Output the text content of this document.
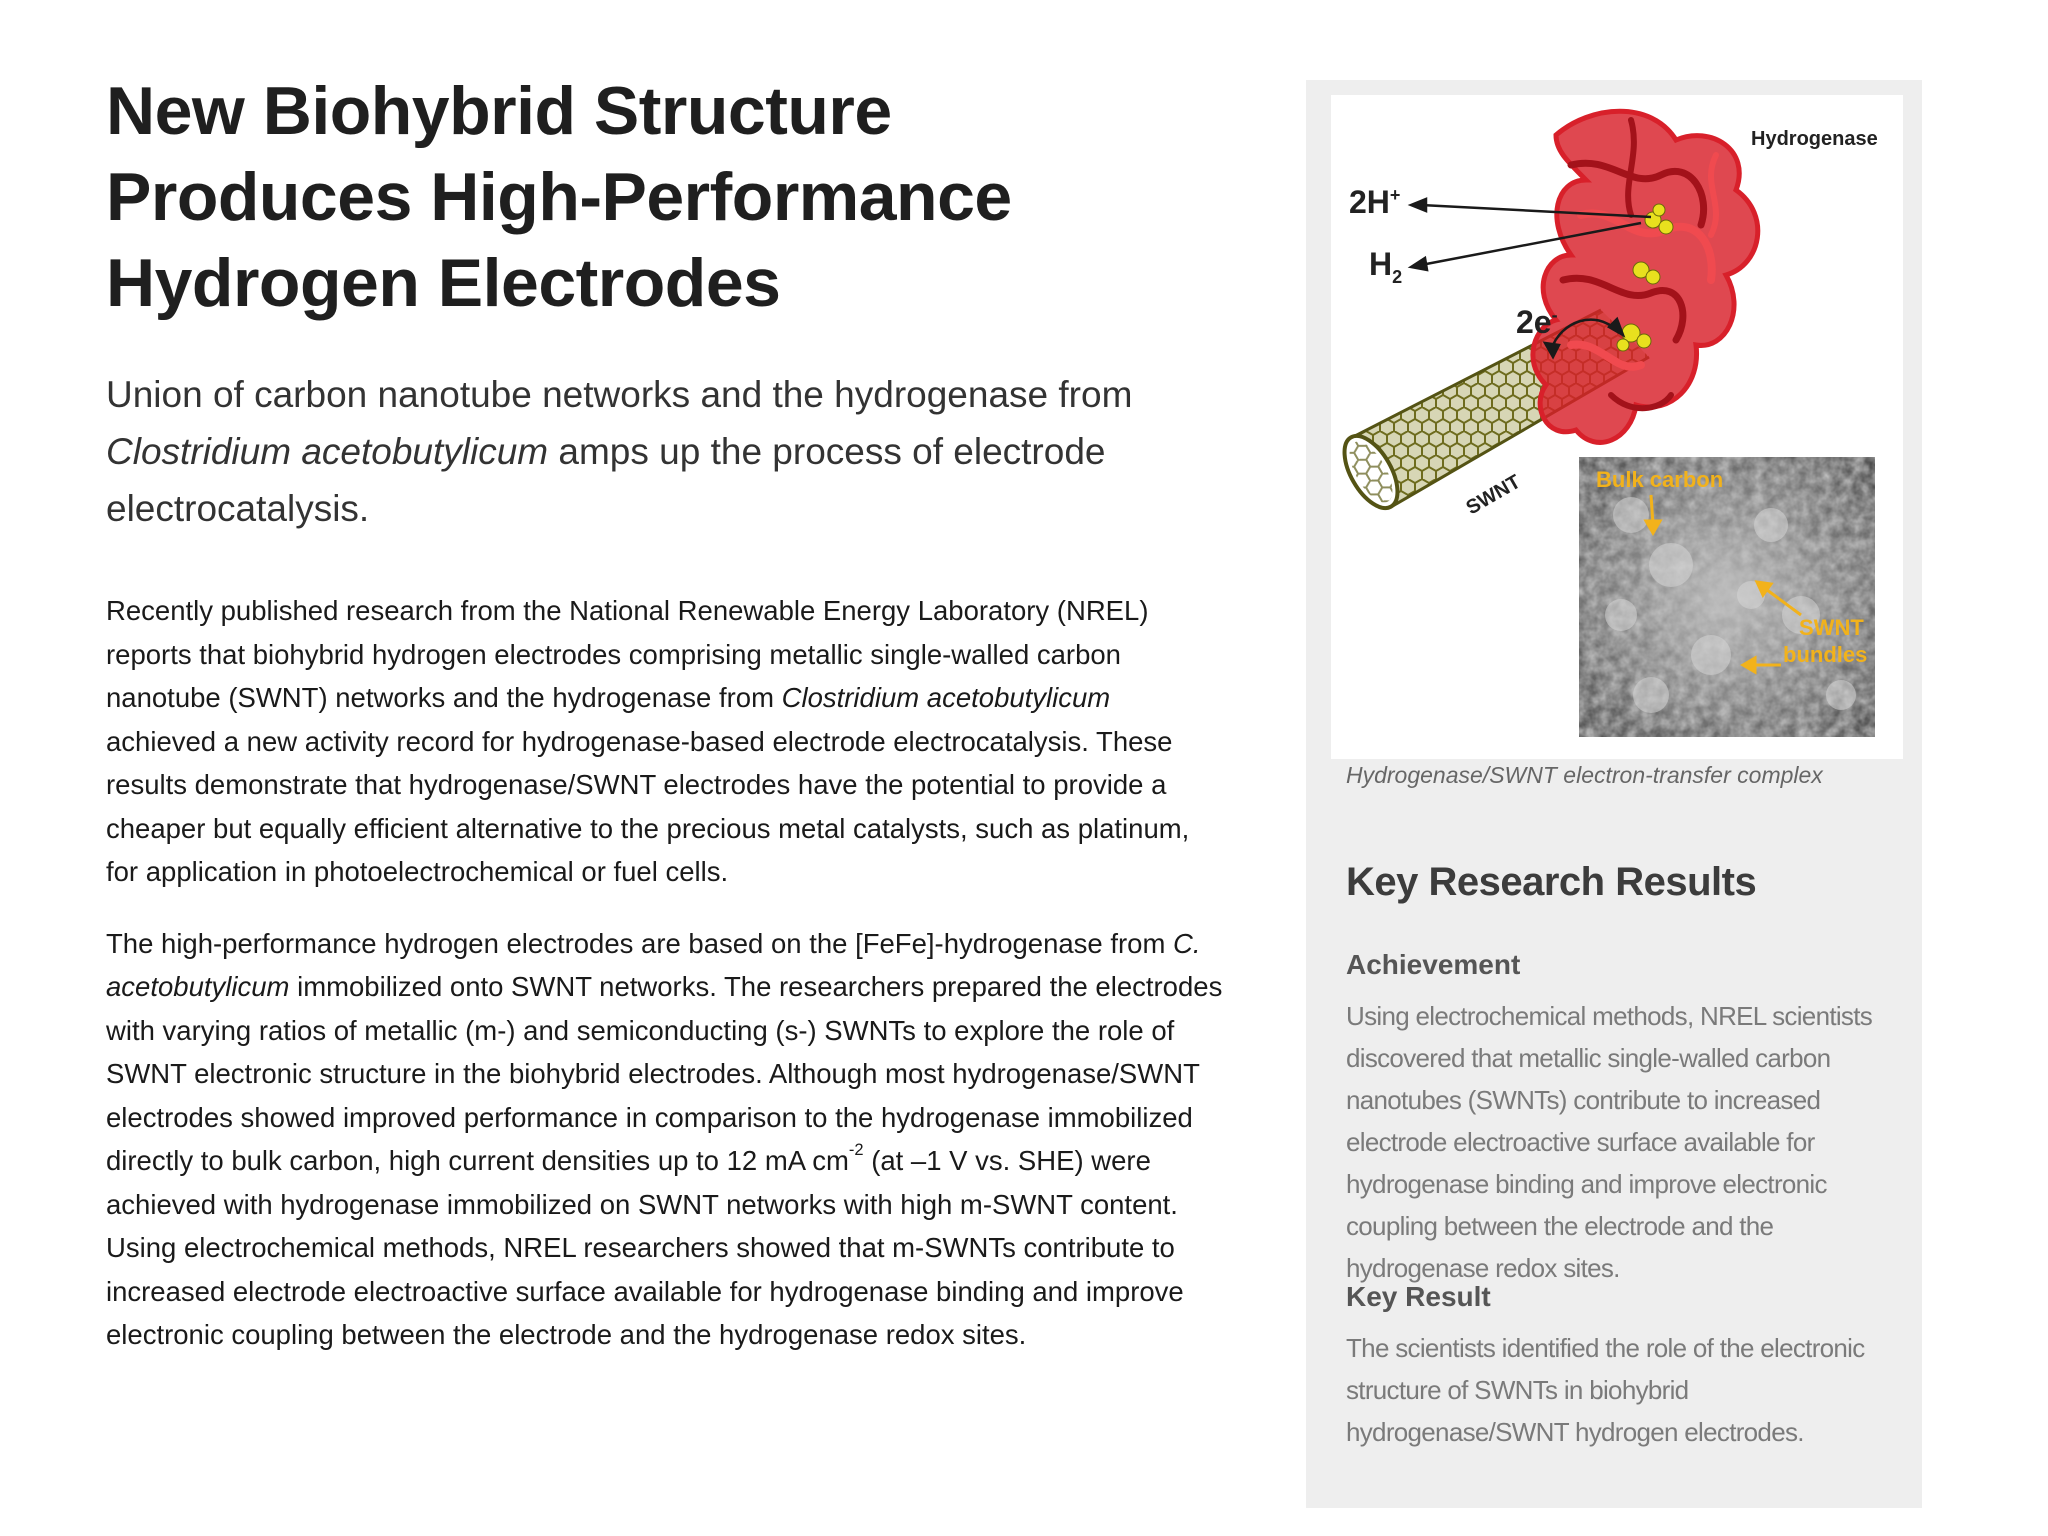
New Biohybrid Structure
Produces High-Performance
Hydrogen Electrodes

Union of carbon nanotube networks and the hydrogenase from Clostridium acetobutylicum amps up the process of electrode electrocatalysis.

Recently published research from the National Renewable Energy Laboratory (NREL) reports that biohybrid hydrogen electrodes comprising metallic single-walled carbon nanotube (SWNT) networks and the hydrogenase from Clostridium acetobutylicum achieved a new activity record for hydrogenase-based electrode electrocatalysis. These results demonstrate that hydrogenase/SWNT electrodes have the potential to provide a cheaper but equally efficient alternative to the precious metal catalysts, such as platinum, for application in photoelectrochemical or fuel cells.

The high-performance hydrogen electrodes are based on the [FeFe]-hydrogenase from C. acetobutylicum immobilized onto SWNT networks. The researchers prepared the electrodes with varying ratios of metallic (m-) and semiconducting (s-) SWNTs to explore the role of SWNT electronic structure in the biohybrid electrodes. Although most hydrogenase/SWNT electrodes showed improved performance in comparison to the hydrogenase immobilized directly to bulk carbon, high current densities up to 12 mA $cm^{-2}$ (at –1 V vs. SHE) were achieved with hydrogenase immobilized on SWNT networks with high m-SWNT content. Using electrochemical methods, NREL researchers showed that m-SWNTs contribute to increased electrode electroactive surface available for hydrogenase binding and improve electronic coupling between the electrode and the hydrogenase redox sites.

Hydrogenase
2H+
$H_2$
2e-
SWNT	Bulk carbon
SWNT bundles
Hydrogenase/SWNT electron-transfer complex
Key Research Results
Achievement

Using electrochemical methods, NREL scientists discovered that metallic single-walled carbon nanotubes (SWNTs) contribute to increased electrode electroactive surface available for hydrogenase binding and improve electronic coupling between the electrode and the hydrogenase redox sites.

Key Result

The scientists identified the role of the electronic structure of SWNTs in biohybrid hydrogenase/SWNT hydrogen electrodes.
